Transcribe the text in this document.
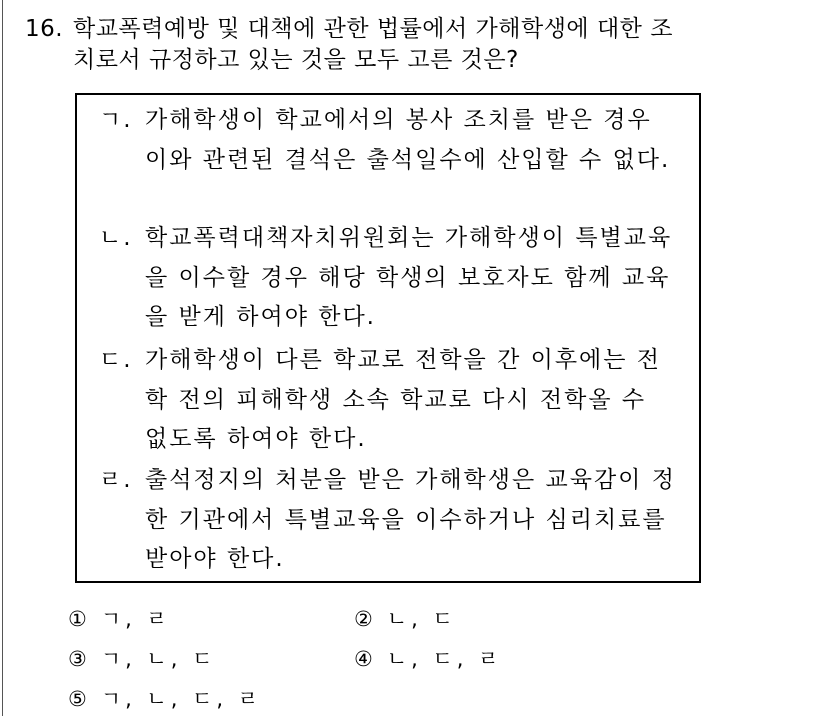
16. 학교폭력예방 및 대책에 관한 법률에서 가해학생에 대한 조
치로서 규정하고 있는 것을 모두 고른 것은?
ㄱ. 가해학생이 학교에서의 봉사 조치를 받은 경우 이와 관련된 결석은 출석일수에 산입할 수 없다.
ㄴ. 학교폭력대책자치위원회는 가해학생이 특별교육을 이수할 경우 해당 학생의 보호자도 함께 교육을 받게 하여야 한다.
ㄷ. 가해학생이 다른 학교로 전학을 간 이후에는 전학 전의 피해학생 소속 학교로 다시 전학올 수 없도록 하여야 한다.
ㄹ. 출석정지의 처분을 받은 가해학생은 교육감이 정한 기관에서 특별교육을 이수하거나 심리치료를 받아야 한다.
① ㄱ, ㄹ	② ㄴ, ㄷ
③ ㄱ, ㄴ, ㄷ	④ ㄴ, ㄷ, ㄹ
⑤ ㄱ, ㄴ, ㄷ, ㄹ
